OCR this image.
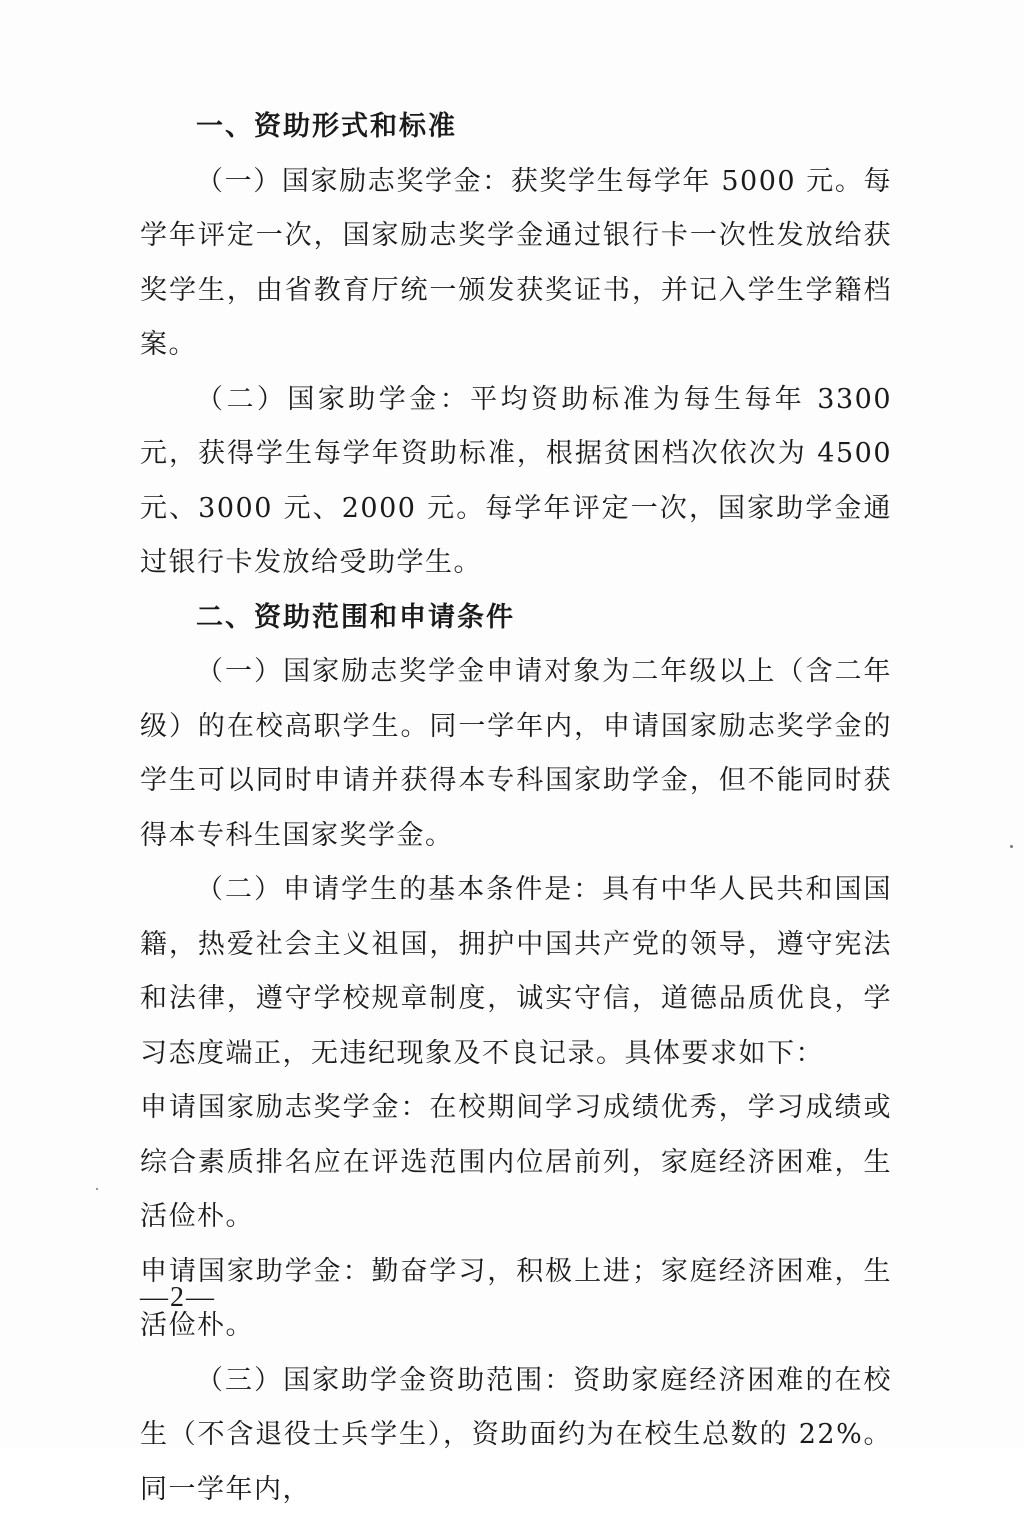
一、资助形式和标准

（一）国家励志奖学金：获奖学生每学年 5000 元。每学年评定一次，国家励志奖学金通过银行卡一次性发放给获奖学生，由省教育厅统一颁发获奖证书，并记入学生学籍档案。

（二）国家助学金：平均资助标准为每生每年 3300 元，获得学生每学年资助标准，根据贫困档次依次为 4500 元、3000 元、2000 元。每学年评定一次，国家助学金通过银行卡发放给受助学生。

二、资助范围和申请条件

（一）国家励志奖学金申请对象为二年级以上（含二年级）的在校高职学生。同一学年内，申请国家励志奖学金的学生可以同时申请并获得本专科国家助学金，但不能同时获得本专科生国家奖学金。

（二）申请学生的基本条件是：具有中华人民共和国国籍，热爱社会主义祖国，拥护中国共产党的领导，遵守宪法和法律，遵守学校规章制度，诚实守信，道德品质优良，学习态度端正，无违纪现象及不良记录。具体要求如下：

申请国家励志奖学金：在校期间学习成绩优秀，学习成绩或综合素质排名应在评选范围内位居前列，家庭经济困难，生活俭朴。

申请国家助学金：勤奋学习，积极上进；家庭经济困难，生活俭朴。

（三）国家助学金资助范围：资助家庭经济困难的在校生（不含退役士兵学生），资助面约为在校生总数的 22%。同一学年内，

—2—
